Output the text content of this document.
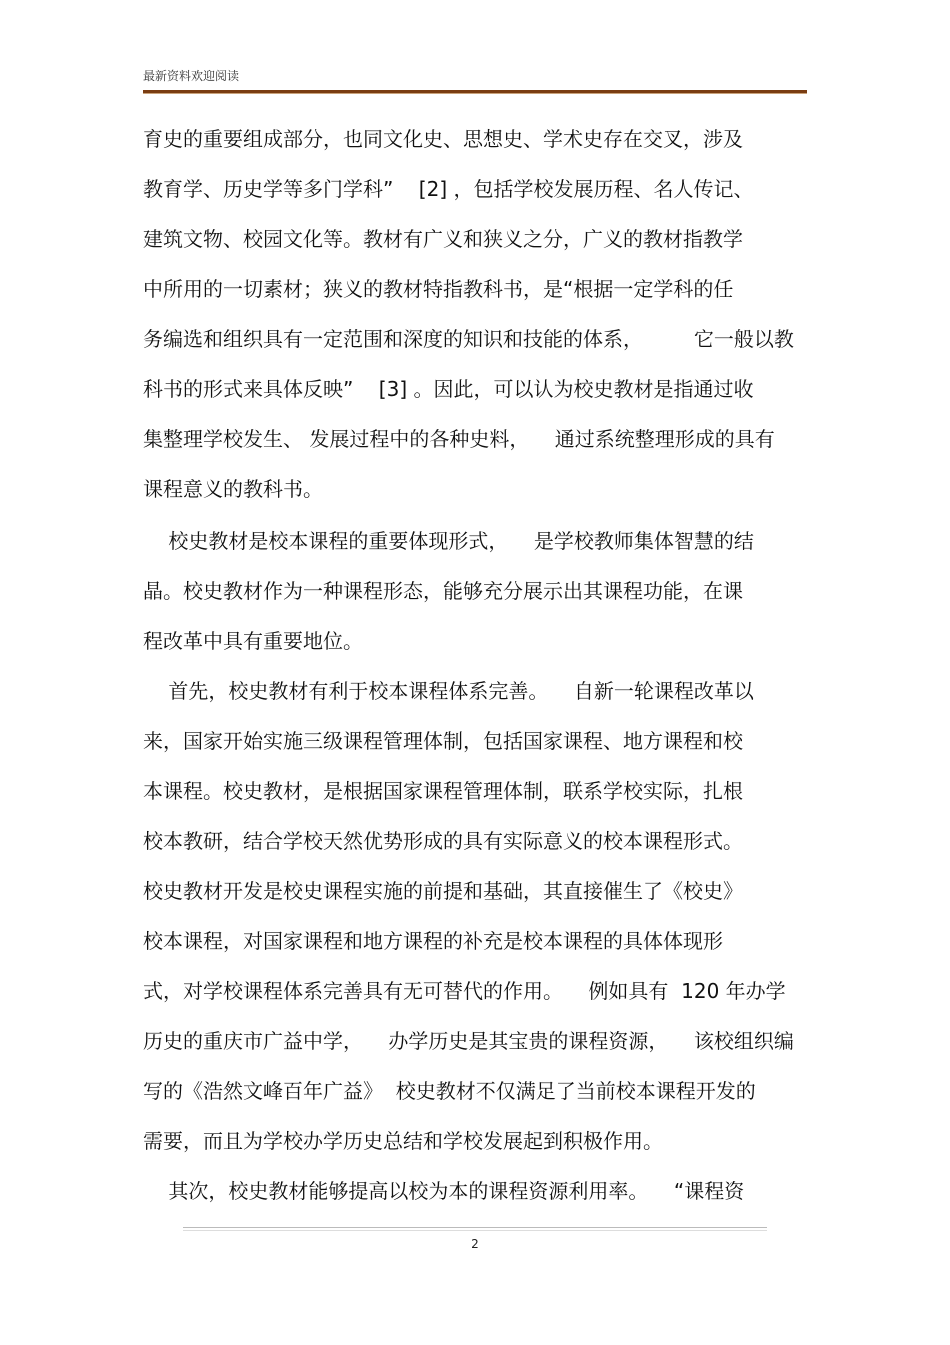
最新资料欢迎阅读
育史的重要组成部分，也同文化史、思想史、学术史存在交叉，涉及
教育学、历史学等多门学科”    [2] ，包括学校发展历程、名人传记、
建筑文物、校园文化等。教材有广义和狭义之分，广义的教材指教学
中所用的一切素材；狭义的教材特指教科书，是“根据一定学科的任
务编选和组织具有一定范围和深度的知识和技能的体系，        它一般以教
科书的形式来具体反映”    [3] 。因此，可以认为校史教材是指通过收
集整理学校发生、 发展过程中的各种史料，    通过系统整理形成的具有
课程意义的教科书。
校史教材是校本课程的重要体现形式，    是学校教师集体智慧的结
晶。校史教材作为一种课程形态，能够充分展示出其课程功能，在课
程改革中具有重要地位。
首先，校史教材有利于校本课程体系完善。    自新一轮课程改革以
来，国家开始实施三级课程管理体制，包括国家课程、地方课程和校
本课程。校史教材，是根据国家课程管理体制，联系学校实际，扎根
校本教研，结合学校天然优势形成的具有实际意义的校本课程形式。
校史教材开发是校史课程实施的前提和基础，其直接催生了《校史》
校本课程，对国家课程和地方课程的补充是校本课程的具体体现形
式，对学校课程体系完善具有无可替代的作用。    例如具有  120 年办学
历史的重庆市广益中学，    办学历史是其宝贵的课程资源，    该校组织编
写的《浩然文峰百年广益》  校史教材不仅满足了当前校本课程开发的
需要，而且为学校办学历史总结和学校发展起到积极作用。
其次，校史教材能够提高以校为本的课程资源利用率。    “课程资
2
